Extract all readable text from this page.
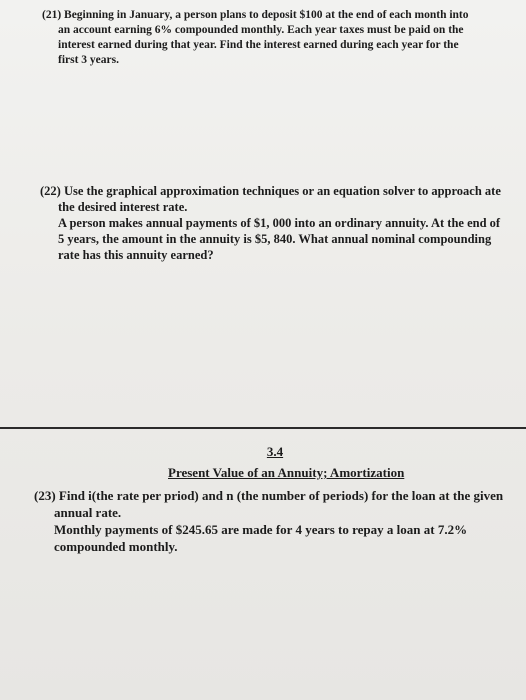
(21) Beginning in January, a person plans to deposit $100 at the end of each month into
an account earning 6% compounded monthly. Each year taxes must be paid on the
interest earned during that year. Find the interest earned during each year for the
first 3 years.
(22) Use the graphical approximation techniques or an equation solver to approach ate
the desired interest rate.
A person makes annual payments of $1, 000 into an ordinary annuity. At the end of
5 years, the amount in the annuity is $5, 840. What annual nominal compounding
rate has this annuity earned?
3.4
Present Value of an Annuity; Amortization
(23) Find i(the rate per priod) and n (the number of periods) for the loan at the given
annual rate.
Monthly payments of $245.65 are made for 4 years to repay a loan at 7.2%
compounded monthly.
